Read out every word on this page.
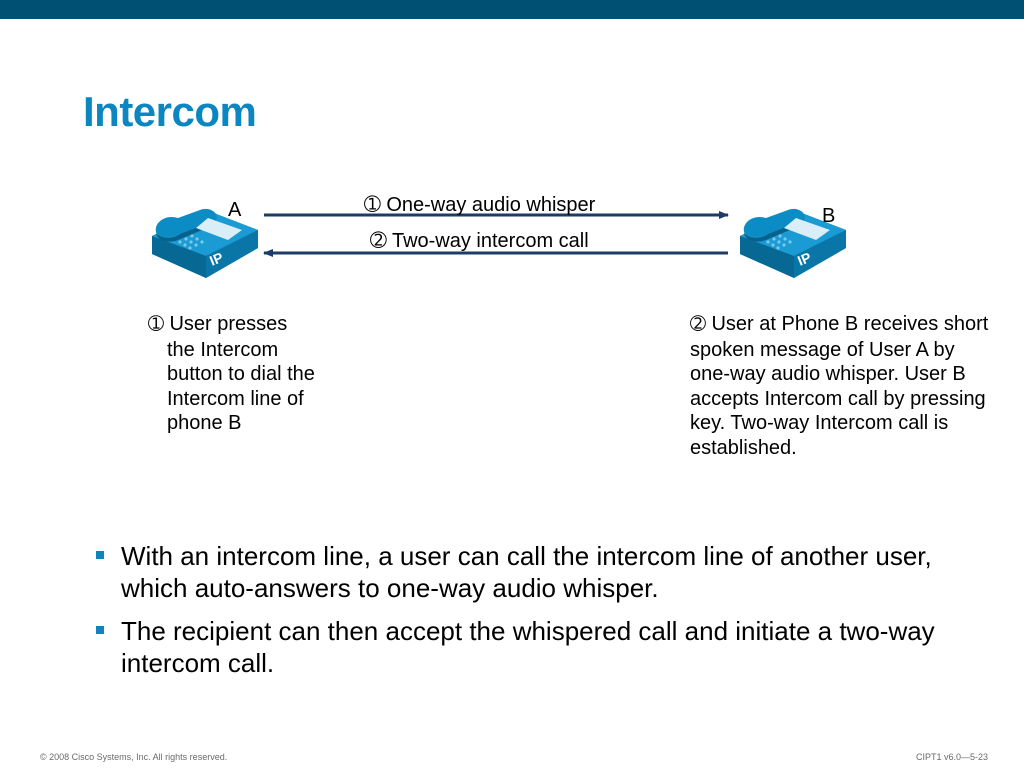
Intercom
IP	IP
A	B
➀ One-way audio whisper
➁ Two-way intercom call
➀ User presses
the Intercom button to dial the Intercom line of phone B
➁ User at Phone B receives short spoken message of User A by one-way audio whisper. User B accepts Intercom call by pressing key. Two-way Intercom call is established.
With an intercom line, a user can call the intercom line of another user, which auto-answers to one-way audio whisper.
The recipient can then accept the whispered call and initiate a two-way intercom call.
© 2008 Cisco Systems, Inc. All rights reserved.	CIPT1 v6.0—5-23
